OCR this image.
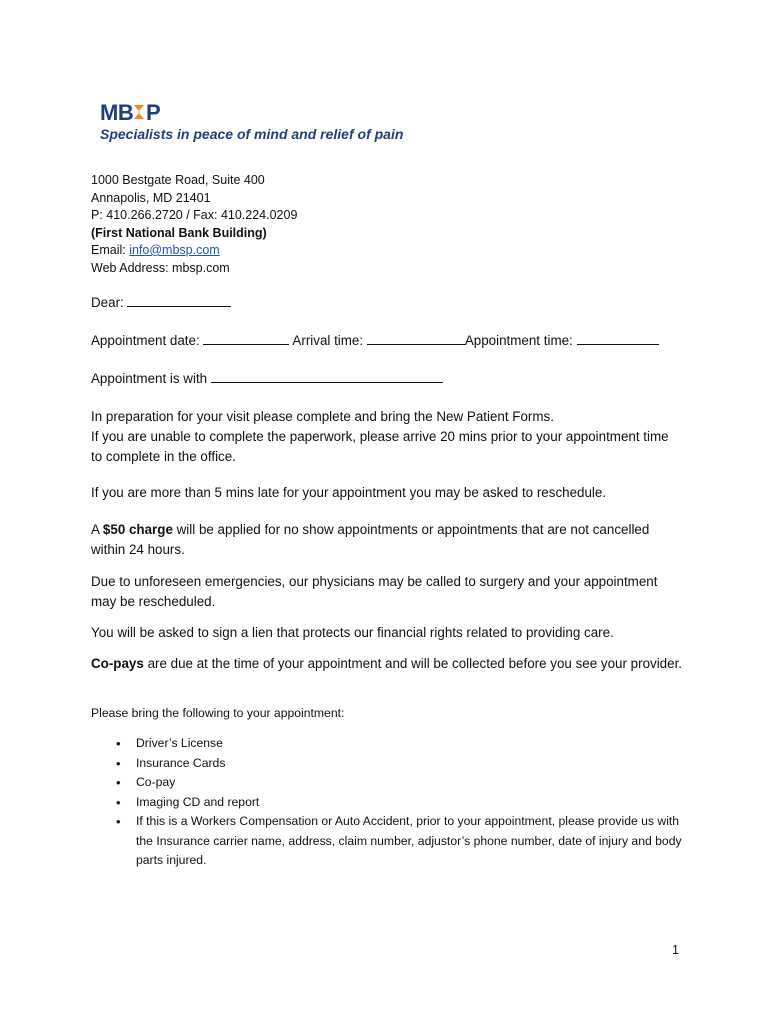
MB P
Specialists in peace of mind and relief of pain
1000 Bestgate Road, Suite 400
Annapolis, MD 21401
P: 410.266.2720 / Fax: 410.224.0209
(First National Bank Building)
Email: info@mbsp.com
Web Address: mbsp.com
Dear:
Appointment date:	Arrival time:	Appointment time:
Appointment is with

In preparation for your visit please complete and bring the New Patient Forms.

If you are unable to complete the paperwork, please arrive 20 mins prior to your appointment time to complete in the office.

If you are more than 5 mins late for your appointment you may be asked to reschedule.

A $50 charge will be applied for no show appointments or appointments that are not cancelled within 24 hours.

Due to unforeseen emergencies, our physicians may be called to surgery and your appointment may be rescheduled.

You will be asked to sign a lien that protects our financial rights related to providing care.

Co-pays are due at the time of your appointment and will be collected before you see your provider.

Please bring the following to your appointment:
• Driver’s License
• Insurance Cards
• Co-pay
• Imaging CD and report
• If this is a Workers Compensation or Auto Accident, prior to your appointment, please provide us with the Insurance carrier name, address, claim number, adjustor’s phone number, date of injury and body parts injured.
1
